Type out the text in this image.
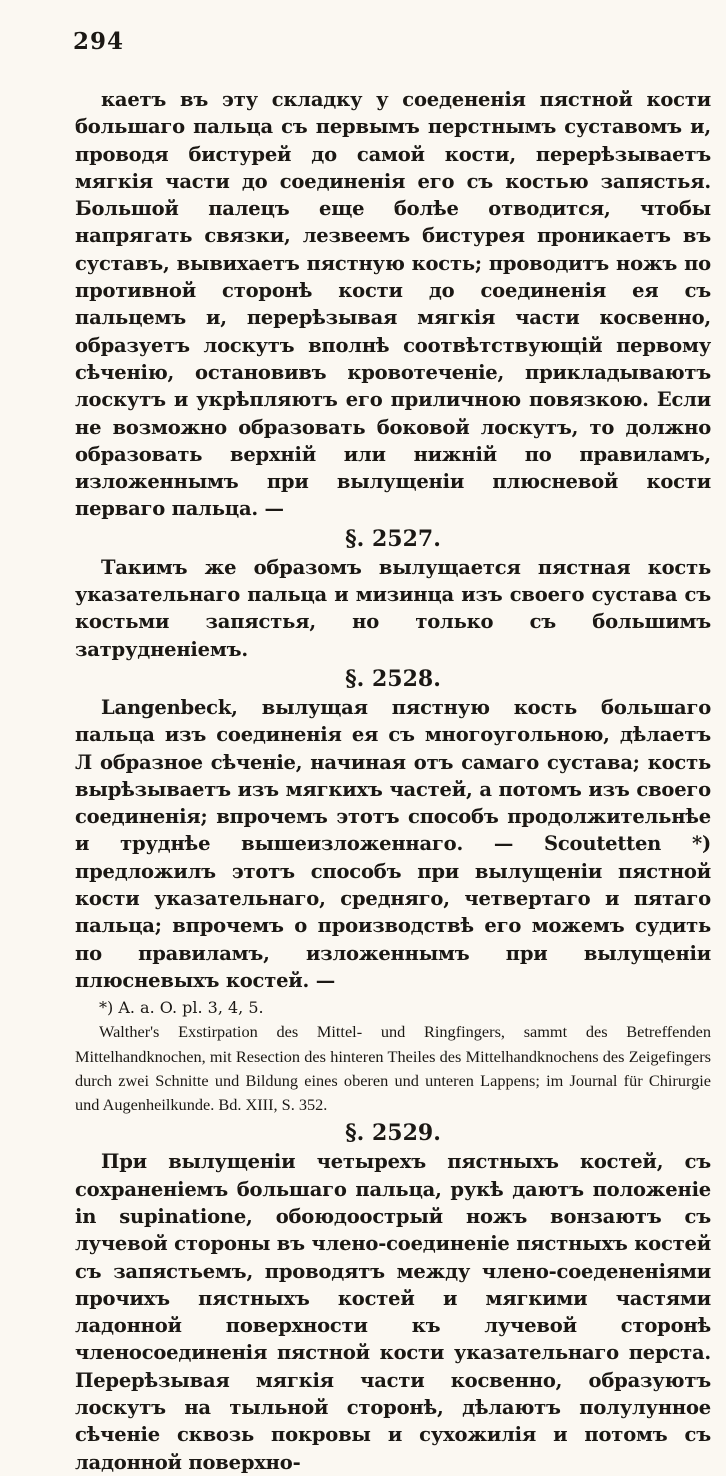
294

каетъ въ эту складку у соедененія пястной кости большаго пальца съ первымъ перстнымъ суставомъ и, проводя бистурей до самой кости, перерѣзываетъ мягкія части до соединенія его съ костью запястья. Большой палецъ еще болѣе отводится, чтобы напрягать связки, лезвеемъ бистурея проникаетъ въ суставъ, вывихаетъ пястную кость; проводитъ ножъ по противной сторонѣ кости до соединенія ея съ пальцемъ и, перерѣзывая мягкія части косвенно, образуетъ лоскутъ вполнѣ соотвѣтствующій первому сѣченію, остановивъ кровотеченіе, прикладываютъ лоскутъ и укрѣпляютъ его приличною повязкою. Если не возможно образовать боковой лоскутъ, то должно образовать верхній или нижній по правиламъ, изложеннымъ при вылущеніи плюсневой кости перваго пальца. —

§. 2527.

Такимъ же образомъ вылущается пястная кость указательнаго пальца и мизинца изъ своего сустава съ костьми запястья, но только съ большимъ затрудненіемъ.

§. 2528.

Langenbeck, вылущая пястную кость большаго пальца изъ соединенія ея съ многоугольною, дѣлаетъ Л образное сѣченіе, начиная отъ самаго сустава; кость вырѣзываетъ изъ мягкихъ частей, а потомъ изъ своего соединенія; впрочемъ этотъ способъ продолжительнѣе и труднѣе вышеизложеннаго. — Scoutetten *) предложилъ этотъ способъ при вылущеніи пястной кости указательнаго, средняго, четвертаго и пятаго пальца; впрочемъ о производствѣ его можемъ судить по правиламъ, изложеннымъ при вылущеніи плюсневыхъ костей. —

*) A. a. O. pl. 3, 4, 5.

Walther's Exstirpation des Mittel- und Ringfingers, sammt des Betreffenden Mittelhandknochen, mit Resection des hinteren Theiles des Mittelhandknochens des Zeigefingers durch zwei Schnitte und Bildung eines oberen und unteren Lappens; im Journal für Chirurgie und Augenheilkunde. Bd. XIII, S. 352.

§. 2529.

При вылущеніи четырехъ пястныхъ костей, съ сохраненіемъ большаго пальца, рукѣ даютъ положеніе in supinatione, обоюдоострый ножъ вонзаютъ съ лучевой стороны въ члено-соединеніе пястныхъ костей съ запястьемъ, проводятъ между члено-соедененіями прочихъ пястныхъ костей и мягкими частями ладонной поверхности къ лучевой сторонѣ членосоединенія пястной кости указательнаго перста. Перерѣзывая мягкія части косвенно, образуютъ лоскутъ на тыльной сторонѣ, дѣлаютъ полулунное сѣченіе сквозь покровы и сухожилія и потомъ съ ладонной поверхно-
